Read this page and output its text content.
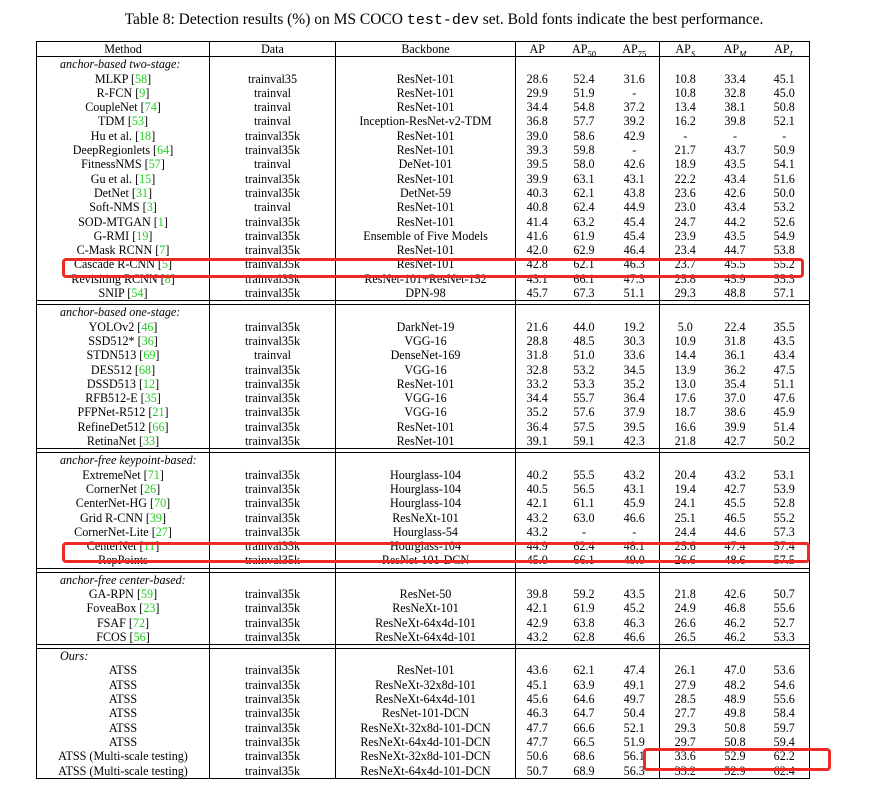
Table 8: Detection results (%) on MS COCO test-dev set. Bold fonts indicate the best performance.
Method	Data	Backbone	AP	$AP_{50}$	$AP_{75}$	$AP_S$	$AP_M$	$AP_L$
anchor-based two-stage:								
MLKP [58]	trainval35	ResNet-101	28.6	52.4	31.6	10.8	33.4	45.1
R-FCN [9]	trainval	ResNet-101	29.9	51.9	-	10.8	32.8	45.0
CoupleNet [74]	trainval	ResNet-101	34.4	54.8	37.2	13.4	38.1	50.8
TDM [53]	trainval	Inception-ResNet-v2-TDM	36.8	57.7	39.2	16.2	39.8	52.1
Hu et al. [18]	trainval35k	ResNet-101	39.0	58.6	42.9	-	-	-
DeepRegionlets [64]	trainval35k	ResNet-101	39.3	59.8	-	21.7	43.7	50.9
FitnessNMS [57]	trainval	DeNet-101	39.5	58.0	42.6	18.9	43.5	54.1
Gu et al. [15]	trainval35k	ResNet-101	39.9	63.1	43.1	22.2	43.4	51.6
DetNet [31]	trainval35k	DetNet-59	40.3	62.1	43.8	23.6	42.6	50.0
Soft-NMS [3]	trainval	ResNet-101	40.8	62.4	44.9	23.0	43.4	53.2
SOD-MTGAN [1]	trainval35k	ResNet-101	41.4	63.2	45.4	24.7	44.2	52.6
G-RMI [19]	trainval35k	Ensemble of Five Models	41.6	61.9	45.4	23.9	43.5	54.9
C-Mask RCNN [7]	trainval35k	ResNet-101	42.0	62.9	46.4	23.4	44.7	53.8
Cascade R-CNN [5]	trainval35k	ResNet-101	42.8	62.1	46.3	23.7	45.5	55.2
Revisiting RCNN [8]	trainval35k	ResNet-101+ResNet-152	43.1	66.1	47.3	25.8	45.9	55.3
SNIP [54]	trainval35k	DPN-98	45.7	67.3	51.1	29.3	48.8	57.1

anchor-based one-stage:								
YOLOv2 [46]	trainval35k	DarkNet-19	21.6	44.0	19.2	5.0	22.4	35.5
SSD512* [36]	trainval35k	VGG-16	28.8	48.5	30.3	10.9	31.8	43.5
STDN513 [69]	trainval	DenseNet-169	31.8	51.0	33.6	14.4	36.1	43.4
DES512 [68]	trainval35k	VGG-16	32.8	53.2	34.5	13.9	36.2	47.5
DSSD513 [12]	trainval35k	ResNet-101	33.2	53.3	35.2	13.0	35.4	51.1
RFB512-E [35]	trainval35k	VGG-16	34.4	55.7	36.4	17.6	37.0	47.6
PFPNet-R512 [21]	trainval35k	VGG-16	35.2	57.6	37.9	18.7	38.6	45.9
RefineDet512 [66]	trainval35k	ResNet-101	36.4	57.5	39.5	16.6	39.9	51.4
RetinaNet [33]	trainval35k	ResNet-101	39.1	59.1	42.3	21.8	42.7	50.2

anchor-free keypoint-based:								
ExtremeNet [71]	trainval35k	Hourglass-104	40.2	55.5	43.2	20.4	43.2	53.1
CornerNet [26]	trainval35k	Hourglass-104	40.5	56.5	43.1	19.4	42.7	53.9
CenterNet-HG [70]	trainval35k	Hourglass-104	42.1	61.1	45.9	24.1	45.5	52.8
Grid R-CNN [39]	trainval35k	ResNeXt-101	43.2	63.0	46.6	25.1	46.5	55.2
CornerNet-Lite [27]	trainval35k	Hourglass-54	43.2	-	-	24.4	44.6	57.3
CenterNet [11]	trainval35k	Hourglass-104	44.9	62.4	48.1	25.6	47.4	57.4
RepPoints	trainval35k	ResNet-101-DCN	45.0	66.1	49.0	26.6	48.6	57.5

anchor-free center-based:								
GA-RPN [59]	trainval35k	ResNet-50	39.8	59.2	43.5	21.8	42.6	50.7
FoveaBox [23]	trainval35k	ResNeXt-101	42.1	61.9	45.2	24.9	46.8	55.6
FSAF [72]	trainval35k	ResNeXt-64x4d-101	42.9	63.8	46.3	26.6	46.2	52.7
FCOS [56]	trainval35k	ResNeXt-64x4d-101	43.2	62.8	46.6	26.5	46.2	53.3

Ours:								
ATSS	trainval35k	ResNet-101	43.6	62.1	47.4	26.1	47.0	53.6
ATSS	trainval35k	ResNeXt-32x8d-101	45.1	63.9	49.1	27.9	48.2	54.6
ATSS	trainval35k	ResNeXt-64x4d-101	45.6	64.6	49.7	28.5	48.9	55.6
ATSS	trainval35k	ResNet-101-DCN	46.3	64.7	50.4	27.7	49.8	58.4
ATSS	trainval35k	ResNeXt-32x8d-101-DCN	47.7	66.6	52.1	29.3	50.8	59.7
ATSS	trainval35k	ResNeXt-64x4d-101-DCN	47.7	66.5	51.9	29.7	50.8	59.4
ATSS (Multi-scale testing)	trainval35k	ResNeXt-32x8d-101-DCN	50.6	68.6	56.1	33.6	52.9	62.2
ATSS (Multi-scale testing)	trainval35k	ResNeXt-64x4d-101-DCN	50.7	68.9	56.3	33.2	52.9	62.4
